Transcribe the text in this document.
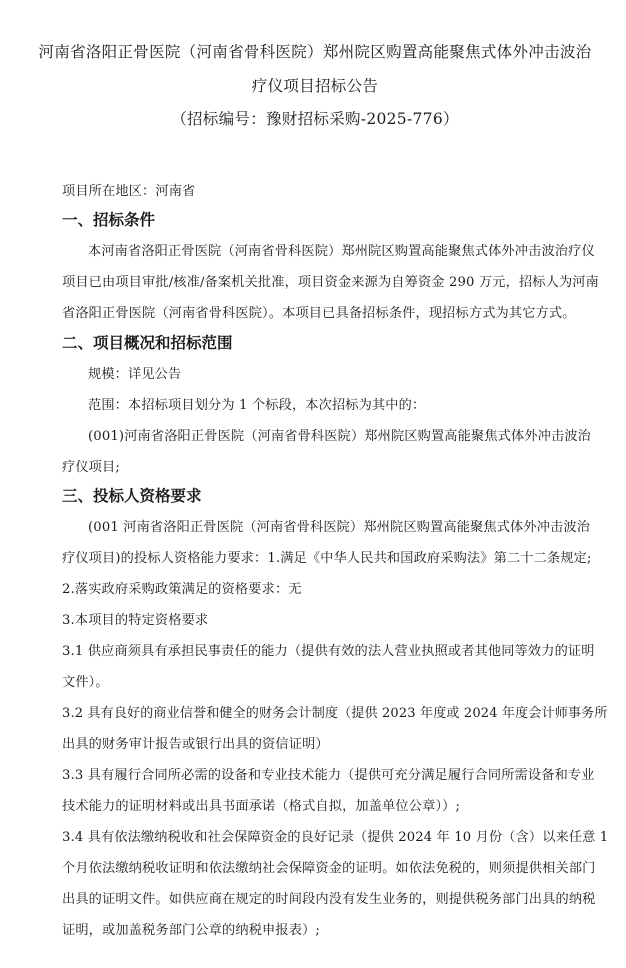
河南省洛阳正骨医院（河南省骨科医院）郑州院区购置高能聚焦式体外冲击波治
疗仪项目招标公告
（招标编号：豫财招标采购-2025-776）
项目所在地区：河南省
一、招标条件
本河南省洛阳正骨医院（河南省骨科医院）郑州院区购置高能聚焦式体外冲击波治疗仪
项目已由项目审批/核准/备案机关批准，项目资金来源为自筹资金 290 万元，招标人为河南
省洛阳正骨医院（河南省骨科医院）。本项目已具备招标条件，现招标方式为其它方式。
二、项目概况和招标范围
规模：详见公告
范围：本招标项目划分为 1 个标段，本次招标为其中的：
(001)河南省洛阳正骨医院（河南省骨科医院）郑州院区购置高能聚焦式体外冲击波治
疗仪项目;
三、投标人资格要求
(001 河南省洛阳正骨医院（河南省骨科医院）郑州院区购置高能聚焦式体外冲击波治
疗仪项目)的投标人资格能力要求：1.满足《中华人民共和国政府采购法》第二十二条规定;
2.落实政府采购政策满足的资格要求：无
3.本项目的特定资格要求
3.1 供应商须具有承担民事责任的能力（提供有效的法人营业执照或者其他同等效力的证明
文件）。
3.2 具有良好的商业信誉和健全的财务会计制度（提供 2023 年度或 2024 年度会计师事务所
出具的财务审计报告或银行出具的资信证明）
3.3 具有履行合同所必需的设备和专业技术能力（提供可充分满足履行合同所需设备和专业
技术能力的证明材料或出具书面承诺（格式自拟，加盖单位公章））;
3.4 具有依法缴纳税收和社会保障资金的良好记录（提供 2024 年 10 月份（含）以来任意 1
个月依法缴纳税收证明和依法缴纳社会保障资金的证明。如依法免税的，则须提供相关部门
出具的证明文件。如供应商在规定的时间段内没有发生业务的，则提供税务部门出具的纳税
证明，或加盖税务部门公章的纳税申报表）;
